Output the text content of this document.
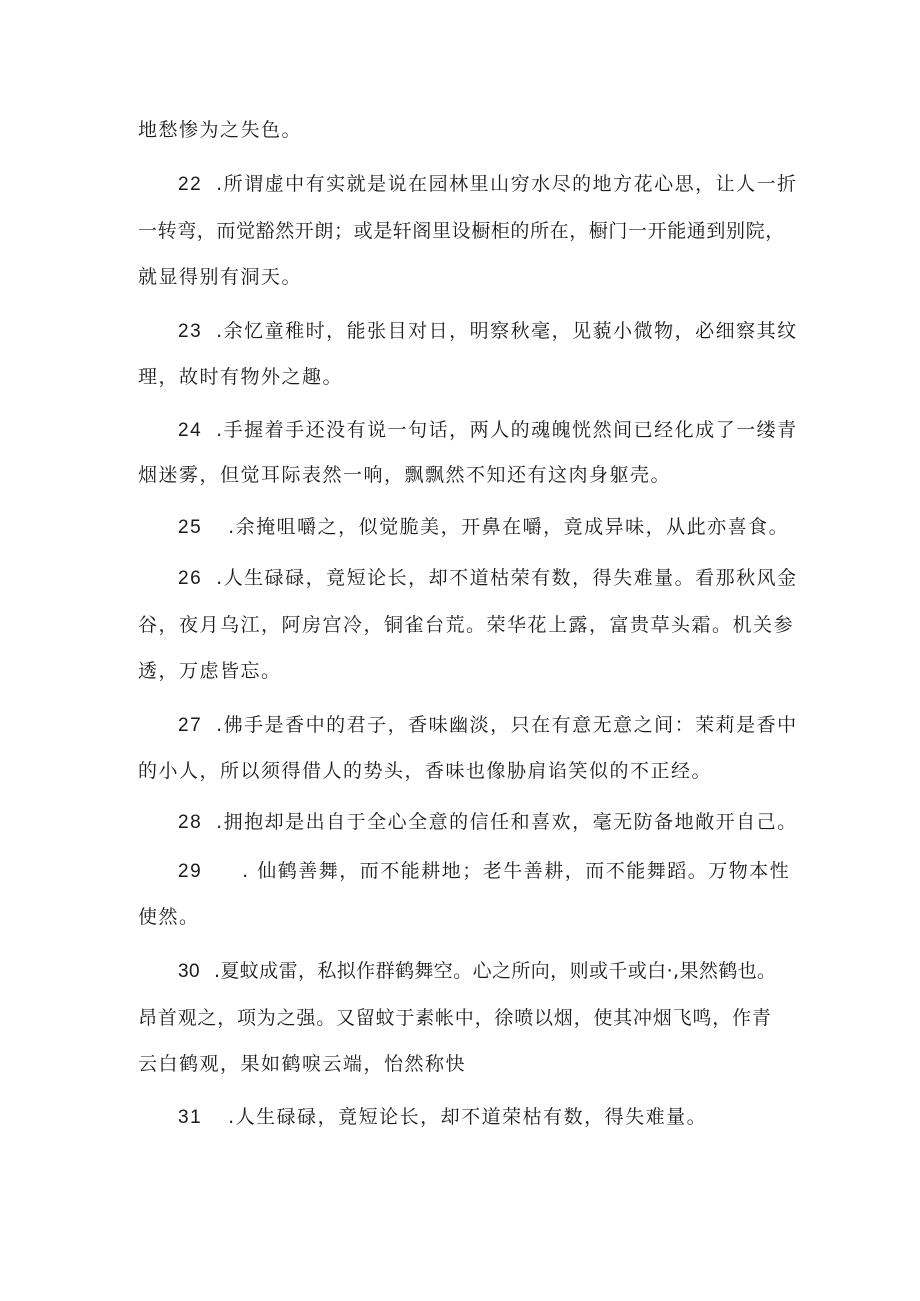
地愁惨为之失色。
22 .所谓虚中有实就是说在园林里山穷水尽的地方花心思，让人一折
一转弯，而觉豁然开朗；或是轩阁里设橱柜的所在，橱门一开能通到别院，
就显得别有洞天。
23 .余忆童稚时，能张目对日，明察秋毫，见藐小微物，必细察其纹
理，故时有物外之趣。
24 .手握着手还没有说一句话，两人的魂魄恍然间已经化成了一缕青
烟迷雾，但觉耳际表然一响，飘飘然不知还有这肉身躯壳。
25 .余掩咀嚼之，似觉脆美，开鼻在嚼，竟成异味，从此亦喜食。
26 .人生碌碌，竟短论长，却不道枯荣有数，得失难量。看那秋风金
谷，夜月乌江，阿房宫冷，铜雀台荒。荣华花上露，富贵草头霜。机关参
透，万虑皆忘。
27 .佛手是香中的君子，香味幽淡，只在有意无意之间：茉莉是香中
的小人，所以须得借人的势头，香味也像胁肩谄笑似的不正经。
28 .拥抱却是出自于全心全意的信任和喜欢，毫无防备地敞开自己。
29 . 仙鹤善舞，而不能耕地；老牛善耕，而不能舞蹈。万物本性
使然。
30 .夏蚊成雷，私拟作群鹤舞空。心之所向，则或千或白·,果然鹤也。
昂首观之，项为之强。又留蚊于素帐中，徐喷以烟，使其冲烟飞鸣，作青
云白鹤观，果如鹤唳云端，怡然称快
31 .人生碌碌，竟短论长，却不道荣枯有数，得失难量。
